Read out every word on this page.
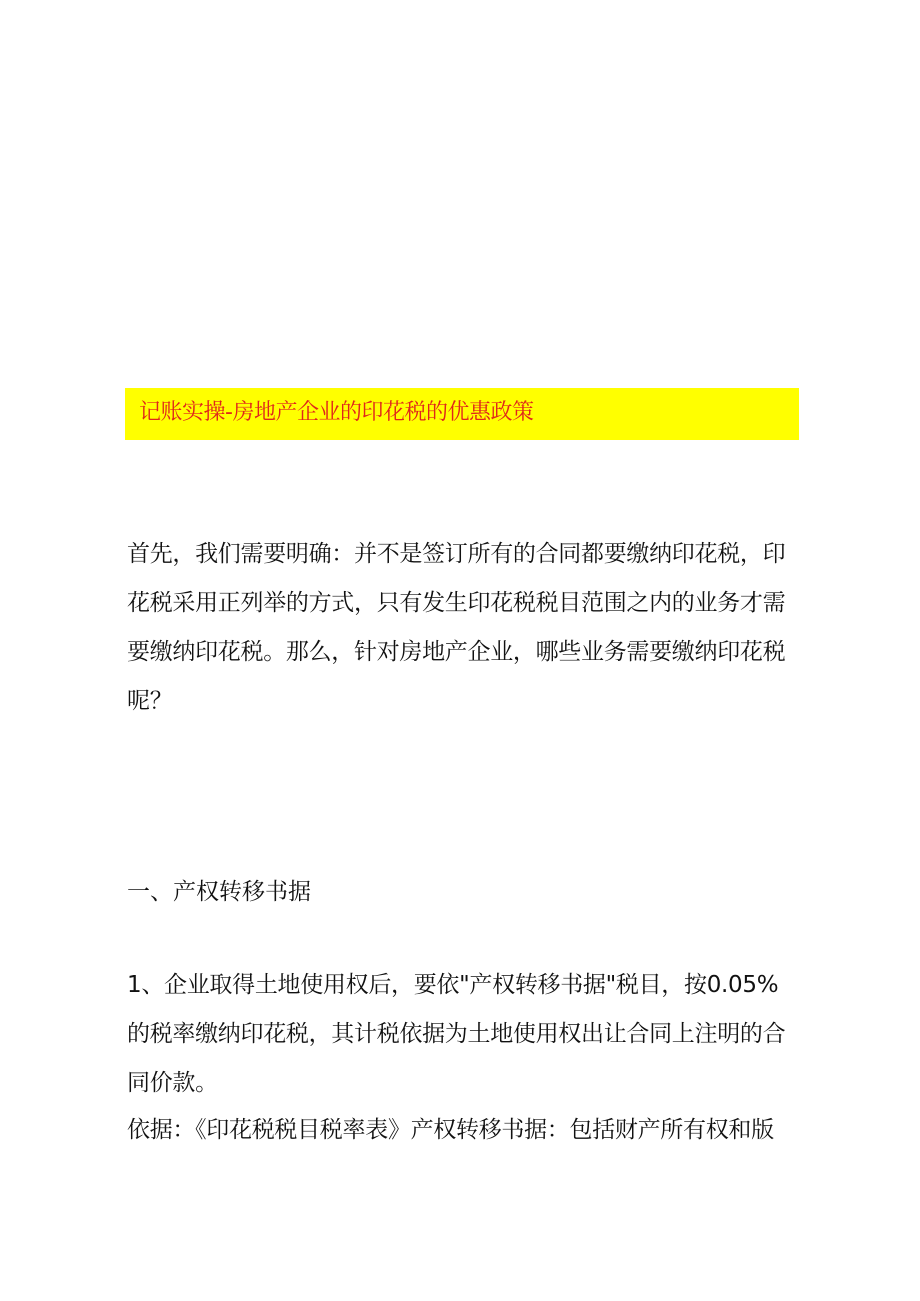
记账实操-房地产企业的印花税的优惠政策

首先，我们需要明确：并不是签订所有的合同都要缴纳印花税，印花税采用正列举的方式，只有发生印花税税目范围之内的业务才需要缴纳印花税。那么，针对房地产企业，哪些业务需要缴纳印花税呢？

一、产权转移书据

1、企业取得土地使用权后，要依"产权转移书据"税目，按0.05%的税率缴纳印花税，其计税依据为土地使用权出让合同上注明的合同价款。

依据：《印花税税目税率表》产权转移书据：包括财产所有权和版
